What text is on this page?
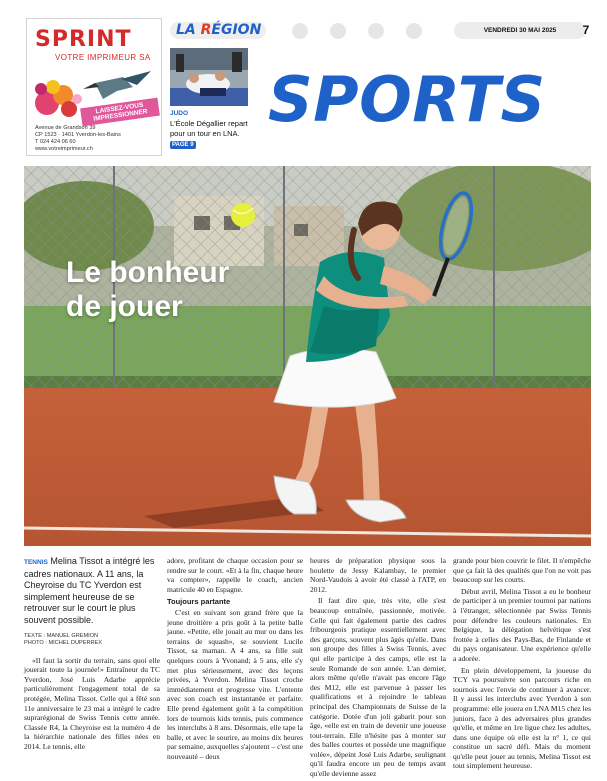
SPRINT
VOTRE IMPRIMEUR SA
LAISSEZ-VOUS IMPRESSIONNER
Avenue de Grandson 39
CP 1523 · 1401 Yverdon-les-Bains
T 024 424 06 60
www.votreimprimeur.ch
LA RÉGION	VENDREDI 30 MAI 2025	7
JUDO
L'École Dégallier repart pour un tour en LNA. PAGE 9
SPORTS
Le bonheur
de jouer
TENNIS Melina Tissot a intégré les cadres nationaux. A 11 ans, la Cheyroise du TC Yverdon est simplement heureuse de se retrouver sur le court le plus souvent possible.
TEXTE : MANUEL GREMION
PHOTO : MICHEL DUPERREX

«Il faut la sortir du terrain, sans quoi elle jouerait toute la journée!» Entraîneur du TC Yverdon, José Luis Adarbe apprécie particulièrement l'engagement total de sa protégée, Melina Tissot. Celle qui a fêté son 11e anniversaire le 23 mai a intégré le cadre suprarégional de Swiss Tennis cette année. Classée R4, la Cheyroise est la numéro 4 de la hiérarchie nationale des filles nées en 2014. Le tennis, elle

adore, profitant de chaque occasion pour se rendre sur le court. «Et à la fin, chaque heure va compter», rappelle le coach, ancien matricule 40 en Espagne.

Toujours partante

C'est en suivant son grand frère que la jeune droitière a pris goût à la petite balle jaune. «Petite, elle jouait au mur ou dans les terrains de squash», se souvient Lucile Tissot, sa maman. A 4 ans, sa fille suit quelques cours à Yvonand; à 5 ans, elle s'y met plus sérieusement, avec des leçons privées, à Yverdon. Melina Tissot croche immédiatement et progresse vite. L'entente avec son coach est instantanée et parfaite. Elle prend également goût à la compétition lors de tournois kids tennis, puis commence les interclubs à 8 ans. Désormais, elle tape la balle, et avec le sourire, au moins dix heures par semaine, auxquelles s'ajoutent – c'est une nouveauté – deux

heures de préparation physique sous la houlette de Jessy Kalambay, le premier Nord-Vaudois à avoir été classé à l'ATP, en 2012.

Il faut dire que, très vite, elle s'est beaucoup entraînée, passionnée, motivée. Celle qui fait également partie des cadres fribourgeois pratique essentiellement avec des garçons, souvent plus âgés qu'elle. Dans son groupe des filles à Swiss Tennis, avec qui elle participe à des camps, elle est la seule Romande de son année. L'an dernier, alors même qu'elle n'avait pas encore l'âge des M12, elle est parvenue à passer les qualifications et à rejoindre le tableau principal des Championnats de Suisse de la catégorie. Dotée d'un joli gabarit pour son âge, «elle est en train de devenir une joueuse tout-terrain. Elle n'hésite pas à monter sur des balles courtes et possède une magnifique volée», dépeint José Luis Adarbe, soulignant qu'il faudra encore un peu de temps avant qu'elle devienne assez

grande pour bien couvrir le filet. Il n'empêche que ça fait là des qualités que l'on ne voit pas beaucoup sur les courts.

Début avril, Melina Tissot a eu le bonheur de participer à un premier tournoi par nations à l'étranger, sélectionnée par Swiss Tennis pour défendre les couleurs nationales. En Belgique, la délégation helvétique s'est frottée à celles des Pays-Bas, de Finlande et du pays organisateur. Une expérience qu'elle a adorée.

En plein développement, la joueuse du TCY va poursuivre son parcours riche en tournois avec l'envie de continuer à avancer. Il y aussi les interclubs avec Yverdon à son programme: elle jouera en LNA M15 chez les juniors, face à des adversaires plus grandes qu'elle, et même en 1re ligue chez les adultes, dans une équipe où elle est la n° 1, ce qui constitue un sacré défi. Mais du moment qu'elle peut jouer au tennis, Melina Tissot est tout simplement heureuse.
